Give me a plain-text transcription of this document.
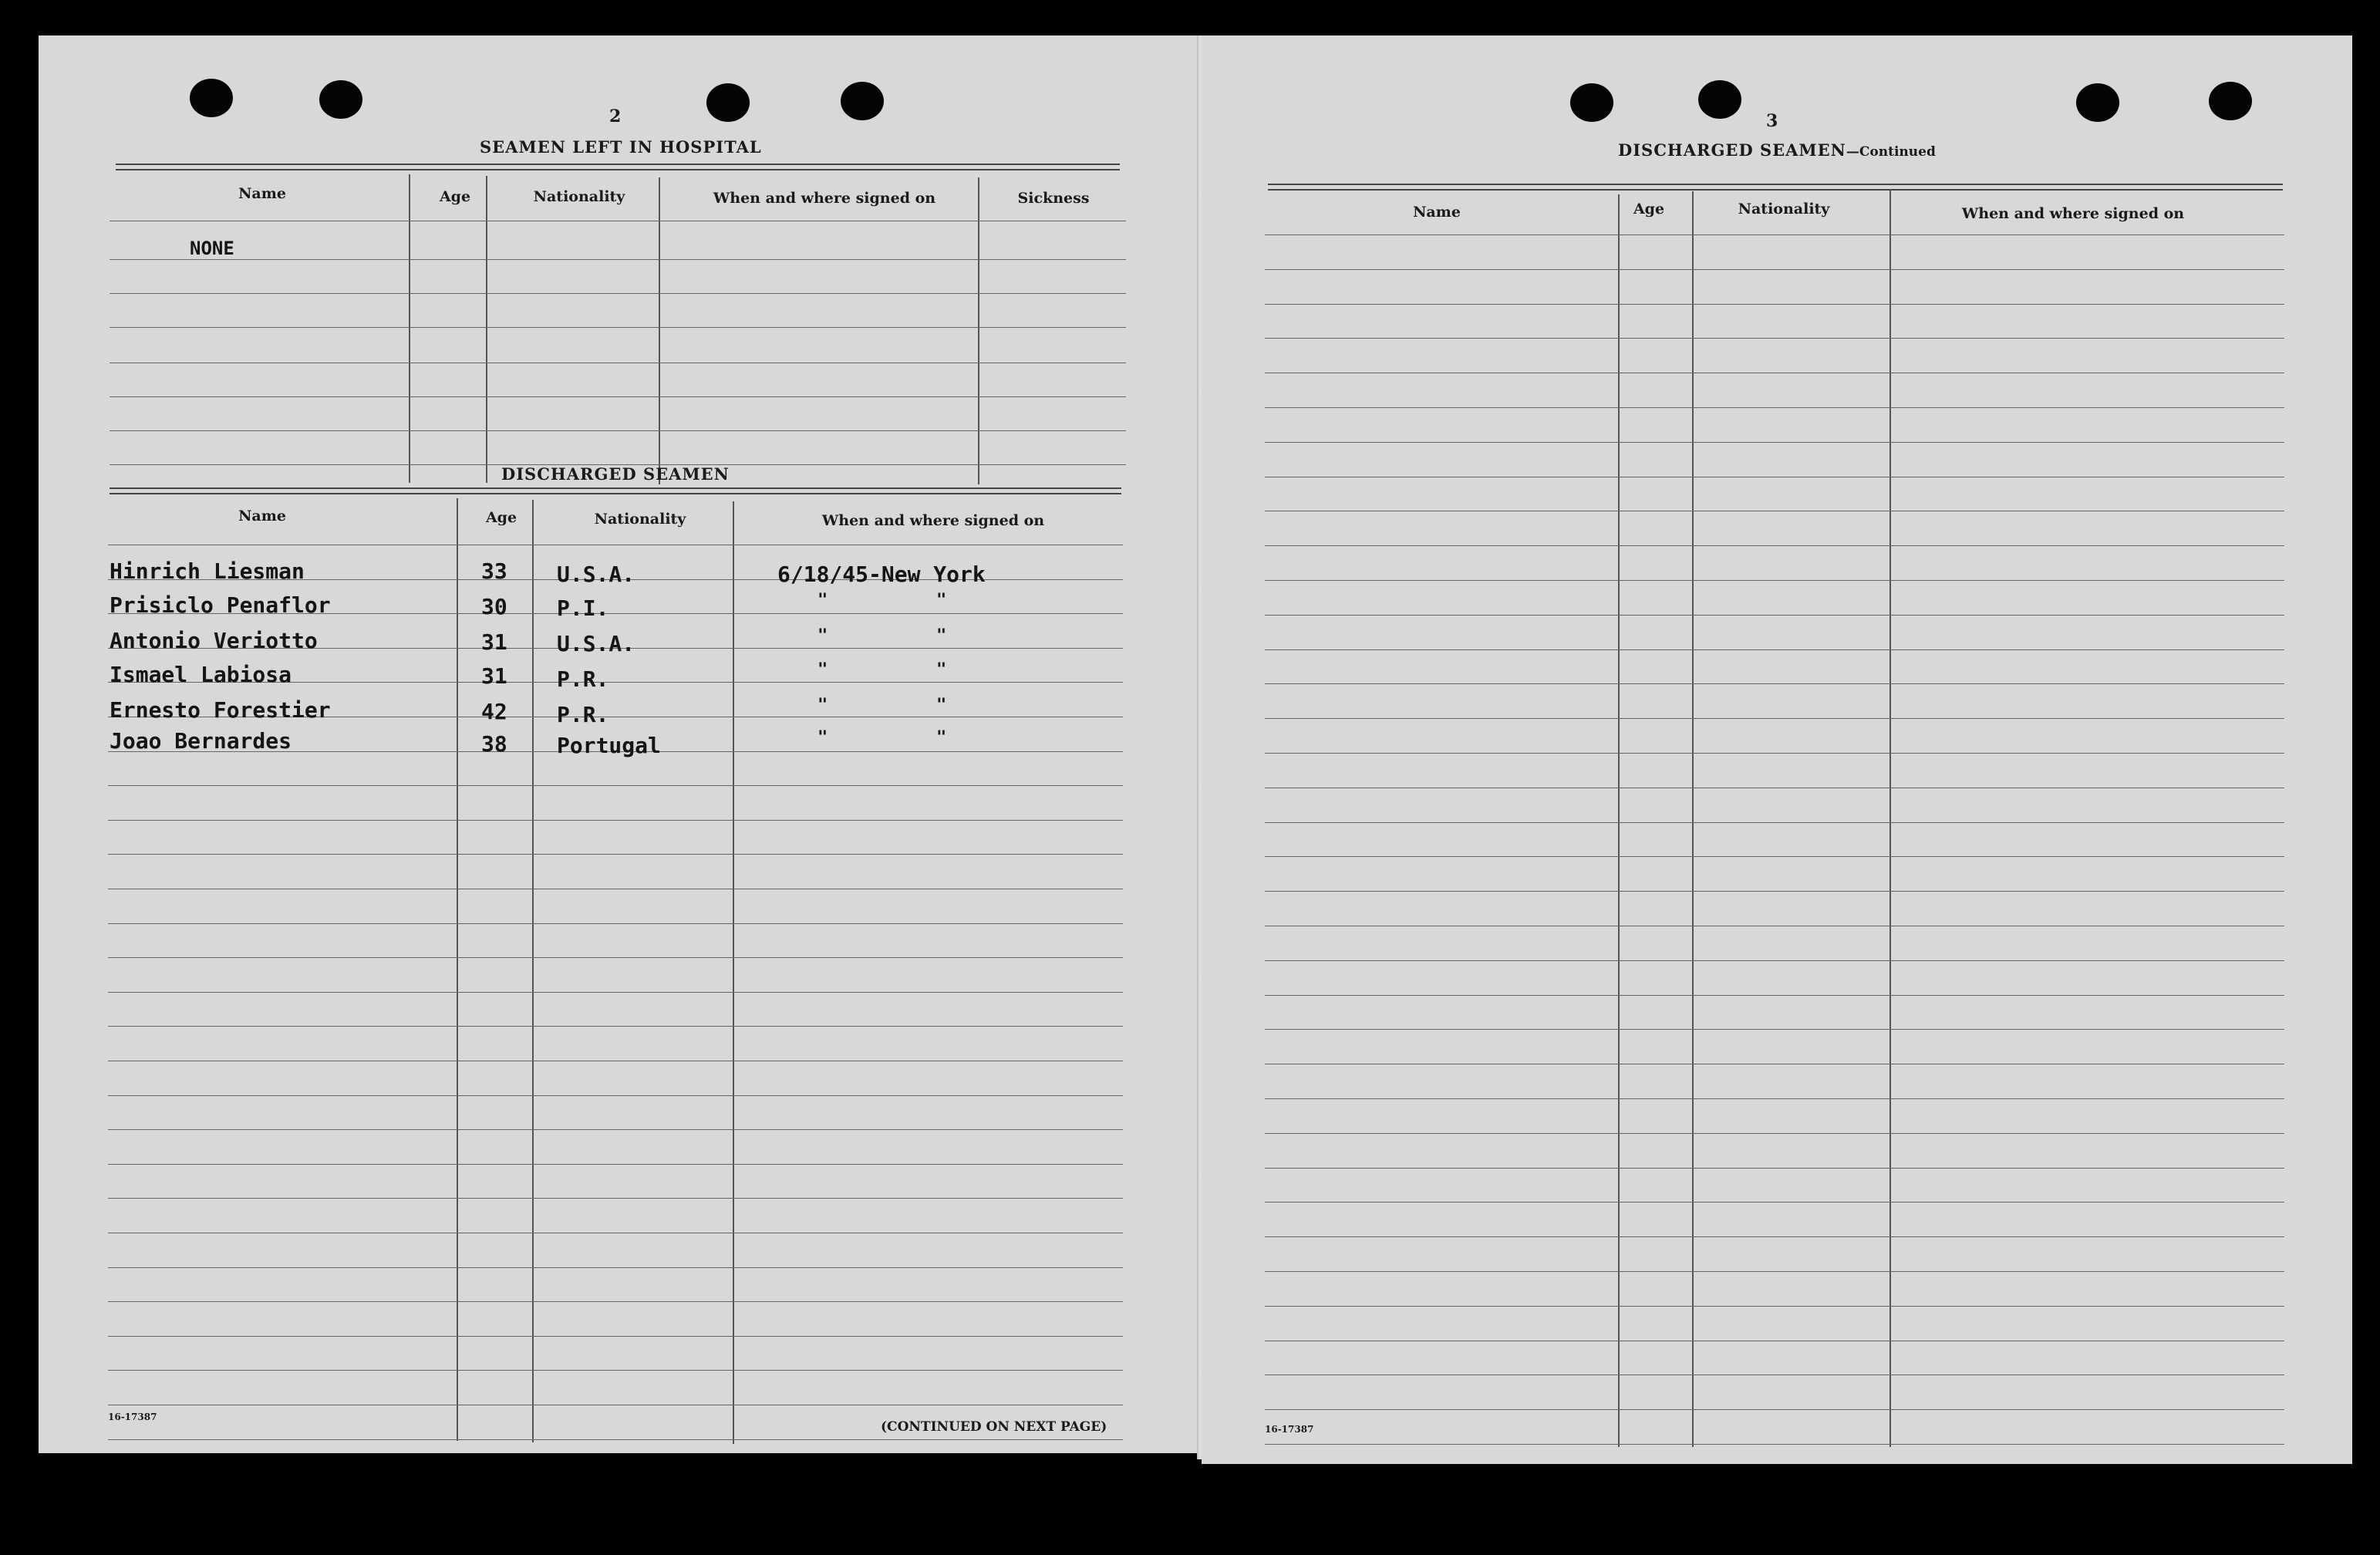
2
SEAMEN LEFT IN HOSPITAL
Name	Age	Nationality	When and where signed on	Sickness
NONE
DISCHARGED SEAMEN
Name	Age	Nationality	When and where signed on
Hinrich Liesman	33 U.S.A.	6/18/45-New York
Prisiclo Penaflor	30 P.I.	"	"
Antonio Veriotto	31 U.S.A.	"	"
Ismael Labiosa	31 P.R.	"	"
Ernesto Forestier	42 P.R.	"	"
Joao Bernardes	38 Portugal	"	"
16-17387
(CONTINUED ON NEXT PAGE)
3
DISCHARGED SEAMEN—Continued
Name	Age	Nationality	When and where signed on
16-17387
